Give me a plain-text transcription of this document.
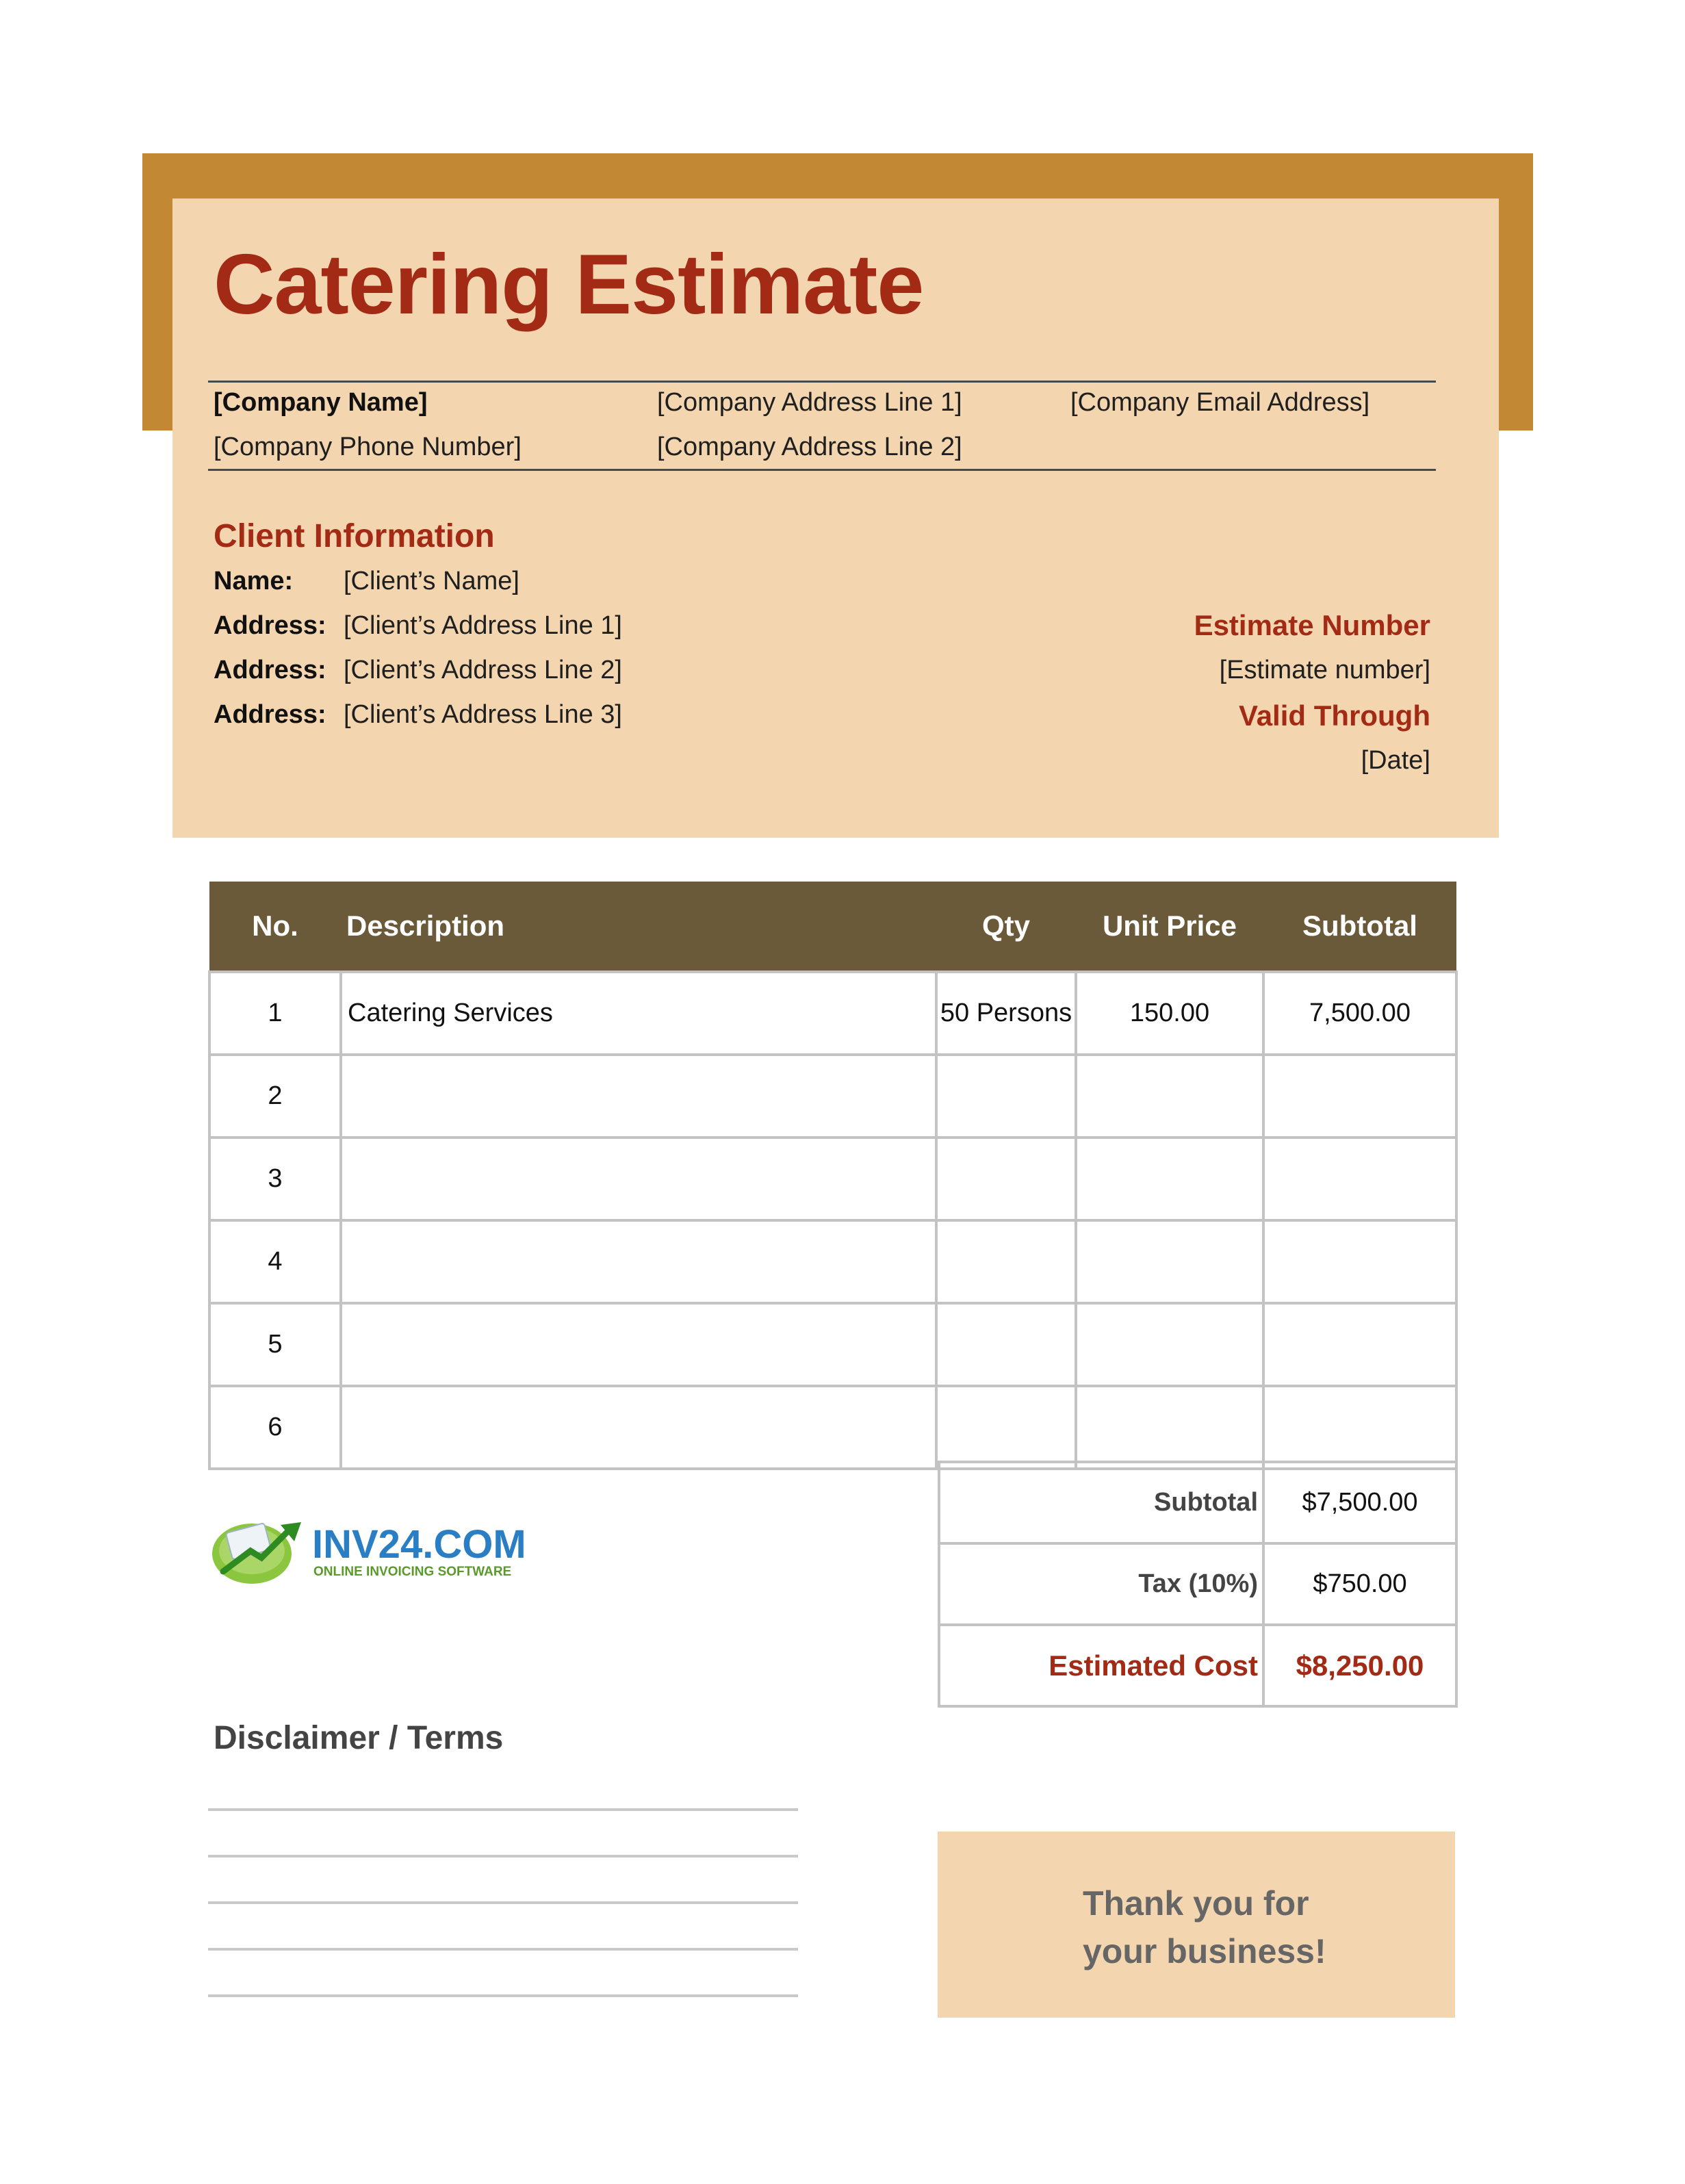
Catering Estimate
[Company Name]	[Company Address Line 1]	[Company Email Address]
[Company Phone Number]	[Company Address Line 2]
Client Information
Name: [Client’s Name]
Address: [Client’s Address Line 1]
Address: [Client’s Address Line 2]
Address: [Client’s Address Line 3]
Estimate Number
[Estimate number]
Valid Through
[Date]
No.	Description	Qty	Unit Price	Subtotal
1	Catering Services	50 Persons	150.00	7,500.00
2				
3				
4				
5				
6				
Subtotal	$7,500.00
Tax (10%)	$750.00
Estimated Cost	$8,250.00
INV24.COM
ONLINE INVOICING SOFTWARE
Disclaimer / Terms
Thank you for
your business!
